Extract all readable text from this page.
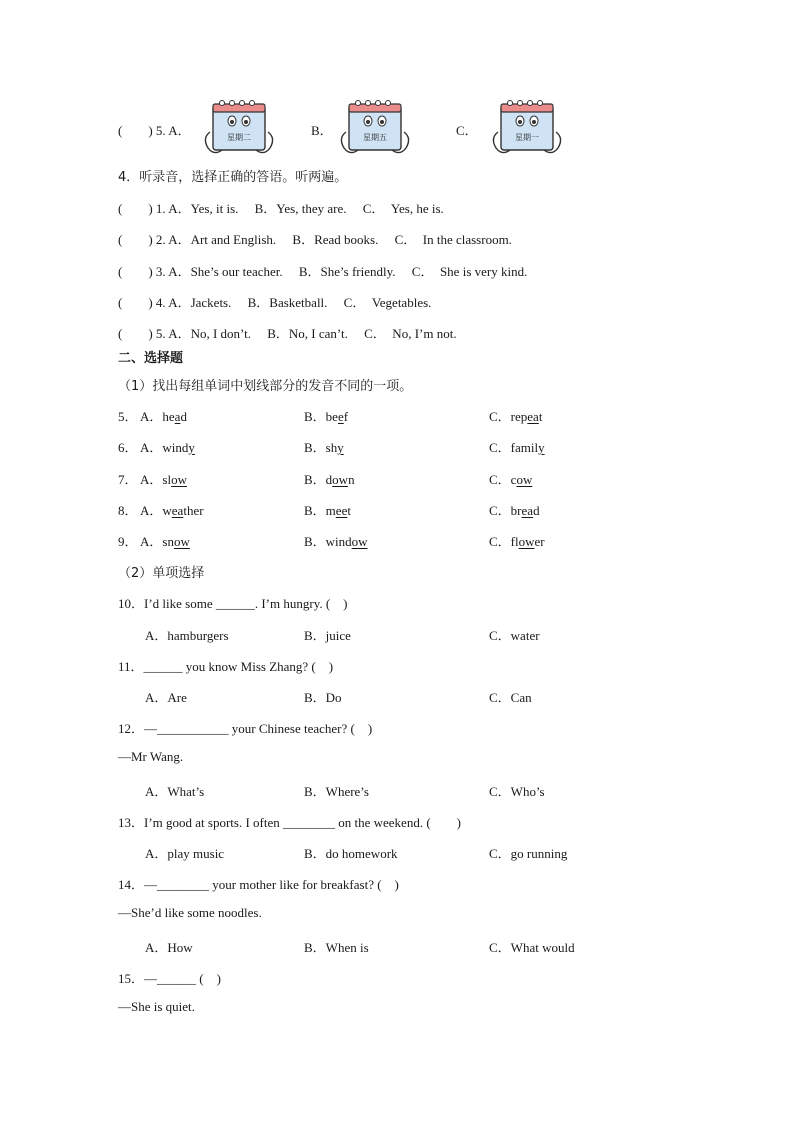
(　　) 5. A．	星期二	B．	星期五	C．	星期一
4．听录音，选择正确的答语。听两遍。
(　　) 1. A．Yes, it is.　 B．Yes, they are.　 C．　Yes, he is.
(　　) 2. A．Art and English.　 B．Read books.　 C．　In the classroom.
(　　) 3. A．She’s our teacher.　 B．She’s friendly.　 C．　She is very kind.
(　　) 4. A．Jackets.　 B．Basketball.　 C．　Vegetables.
(　　) 5. A．No, I don’t.　 B．No, I can’t.　 C．　No, I’m not.
二、选择题
（1）找出每组单词中划线部分的发音不同的一项。
5． A．head	B．beef	C．repeat
6． A．windy	B．shy	C．family
7． A．slow	B．down	C．cow
8． A．weather	B．meet	C．bread
9． A．snow	B．window	C．flower
（2）单项选择
10．I’d like some ______. I’m hungry. (　)
A．hamburgers	B．juice	C．water
11．______ you know Miss Zhang? (　)
A．Are	B．Do	C．Can
12．—___________ your Chinese teacher? (　)
—Mr Wang.
A．What’s	B．Where’s	C．Who’s
13．I’m good at sports. I often ________ on the weekend. (　　)
A．play music	B．do homework	C．go running
14．—________ your mother like for breakfast? (　)
—She’d like some noodles.
A．How	B．When is	C．What would
15．—______ (　)
—She is quiet.
